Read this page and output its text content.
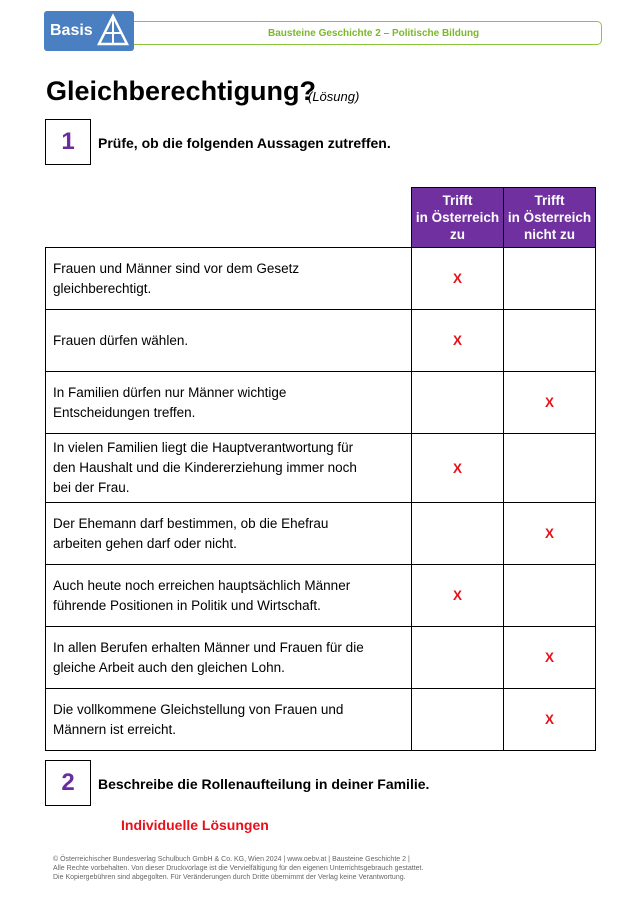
Basis	Bausteine Geschichte 2 – Politische Bildung
Gleichberechtigung?
(Lösung)
1	Prüfe, ob die folgenden Aussagen zutreffen.
	Trifft
in Österreich
zu	Trifft
in Österreich
nicht zu
Frauen und Männer sind vor dem Gesetz
gleichberechtigt.	X	
Frauen dürfen wählen.	X	
In Familien dürfen nur Männer wichtige
Entscheidungen treffen.		X
In vielen Familien liegt die Hauptverantwortung für
den Haushalt und die Kindererziehung immer noch
bei der Frau.	X	
Der Ehemann darf bestimmen, ob die Ehefrau
arbeiten gehen darf oder nicht.		X
Auch heute noch erreichen hauptsächlich Männer
führende Positionen in Politik und Wirtschaft.	X	
In allen Berufen erhalten Männer und Frauen für die
gleiche Arbeit auch den gleichen Lohn.		X
Die vollkommene Gleichstellung von Frauen und
Männern ist erreicht.		X
2	Beschreibe die Rollenaufteilung in deiner Familie.
Individuelle Lösungen
© Österreichischer Bundesverlag Schulbuch GmbH & Co. KG, Wien 2024 | www.oebv.at | Bausteine Geschichte 2 |
Alle Rechte vorbehalten. Von dieser Druckvorlage ist die Vervielfältigung für den eigenen Unterrichtsgebrauch gestattet.
Die Kopiergebühren sind abgegolten. Für Veränderungen durch Dritte übernimmt der Verlag keine Verantwortung.
